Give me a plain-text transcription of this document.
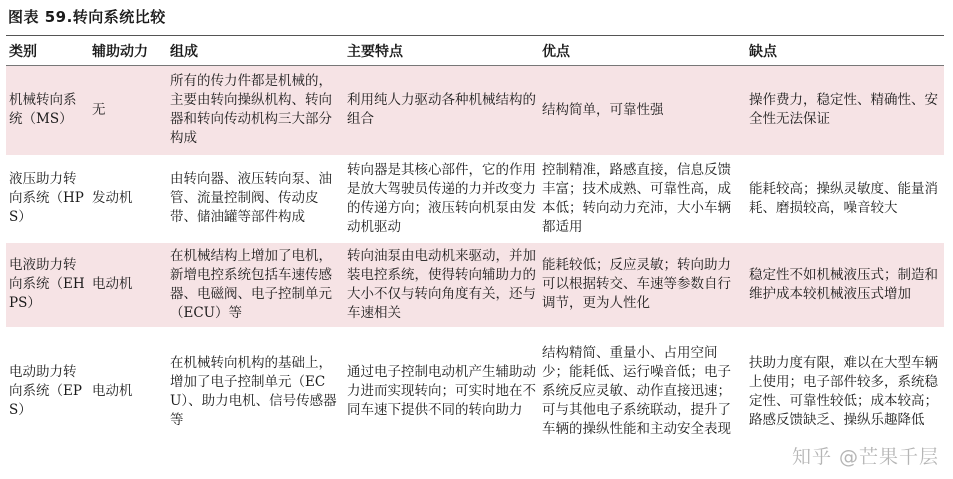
图表 59.转向系统比较
类别	辅助动力	组成	主要特点	优点	缺点
机械转向系统（MS）	无	所有的传力件都是机械的，主要由转向操纵机构、转向器和转向传动机构三大部分构成	利用纯人力驱动各种机械结构的组合	结构简单，可靠性强	操作费力，稳定性、精确性、安全性无法保证
液压助力转向系统（HPS）	发动机	由转向器、液压转向泵、油管、流量控制阀、传动皮带、储油罐等部件构成	转向器是其核心部件，它的作用是放大驾驶员传递的力并改变力的传递方向；液压转向机泵由发动机驱动	控制精准，路感直接，信息反馈丰富；技术成熟、可靠性高，成本低；转向动力充沛，大小车辆都适用	能耗较高；操纵灵敏度、能量消耗、磨损较高，噪音较大
电液助力转向系统（EHPS）	电动机	在机械结构上增加了电机，新增电控系统包括车速传感器、电磁阀、电子控制单元（ECU）等	转向油泵由电动机来驱动，并加装电控系统，使得转向辅助力的大小不仅与转向角度有关，还与车速相关	能耗较低；反应灵敏；转向助力可以根据转交、车速等参数自行调节，更为人性化	稳定性不如机械液压式；制造和维护成本较机械液压式增加
电动助力转向系统（EPS）	电动机	在机械转向机构的基础上，增加了电子控制单元（ECU）、助力电机、信号传感器等	通过电子控制电动机产生辅助动力进而实现转向；可实时地在不同车速下提供不同的转向助力	结构精简、重量小、占用空间少；能耗低、运行噪音低；电子系统反应灵敏、动作直接迅速；可与其他电子系统联动，提升了车辆的操纵性能和主动安全表现	扶助力度有限，难以在大型车辆上使用；电子部件较多，系统稳定性、可靠性较低；成本较高；路感反馈缺乏、操纵乐趣降低
知乎 @芒果千层
